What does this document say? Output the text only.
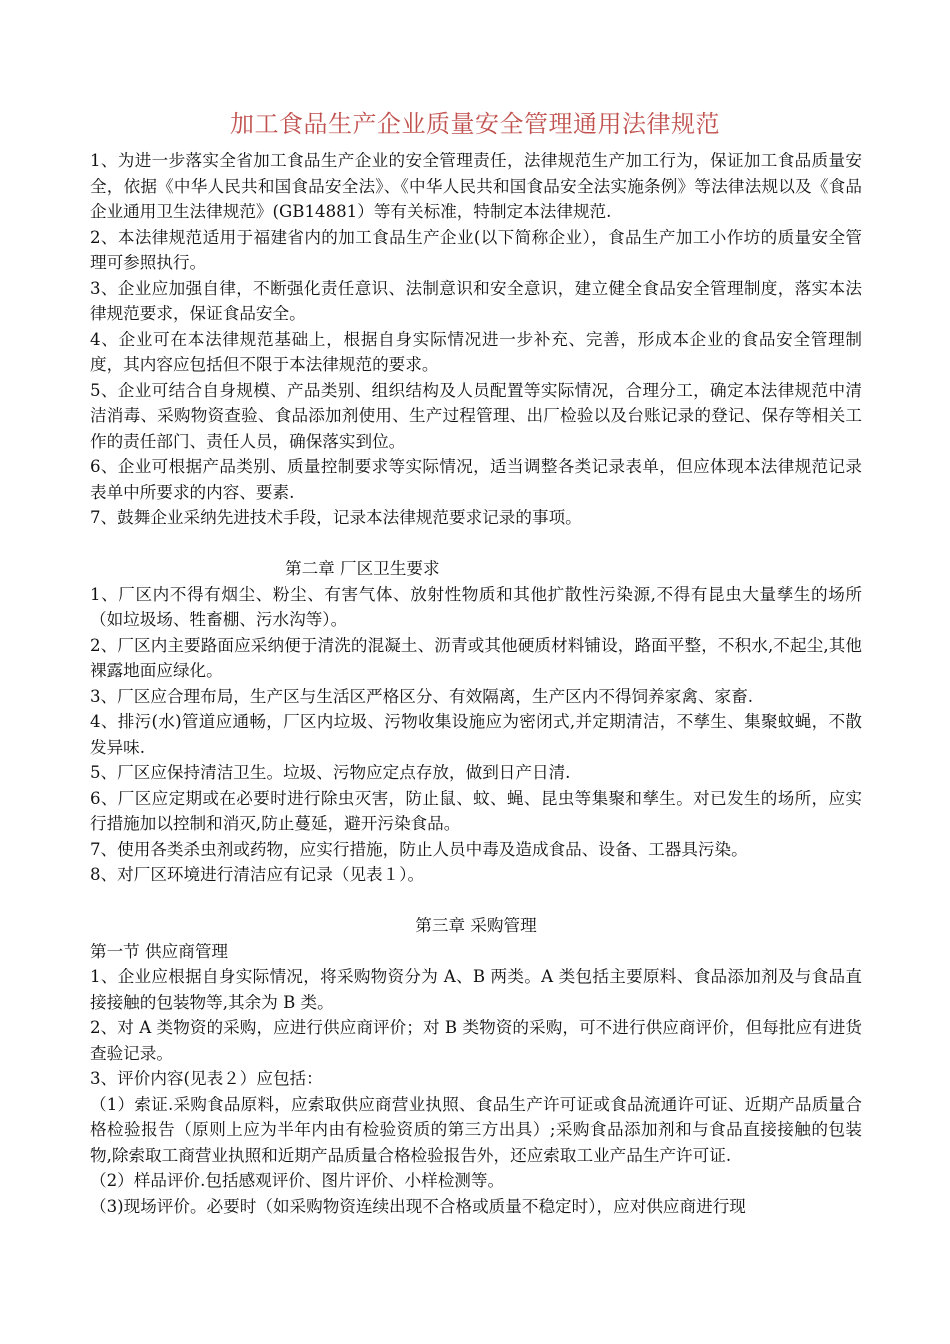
加工食品生产企业质量安全管理通用法律规范

1、为进一步落实全省加工食品生产企业的安全管理责任，法律规范生产加工行为，保证加工食品质量安全，依据《中华人民共和国食品安全法》、《中华人民共和国食品安全法实施条例》等法律法规以及《食品企业通用卫生法律规范》(GB14881）等有关标准，特制定本法律规范.

2、本法律规范适用于福建省内的加工食品生产企业(以下简称企业），食品生产加工小作坊的质量安全管理可参照执行。

3、企业应加强自律，不断强化责任意识、法制意识和安全意识，建立健全食品安全管理制度，落实本法律规范要求，保证食品安全。

4、企业可在本法律规范基础上，根据自身实际情况进一步补充、完善，形成本企业的食品安全管理制度，其内容应包括但不限于本法律规范的要求。

5、企业可结合自身规模、产品类别、组织结构及人员配置等实际情况，合理分工，确定本法律规范中清洁消毒、采购物资查验、食品添加剂使用、生产过程管理、出厂检验以及台账记录的登记、保存等相关工作的责任部门、责任人员，确保落实到位。

6、企业可根据产品类别、质量控制要求等实际情况，适当调整各类记录表单，但应体现本法律规范记录表单中所要求的内容、要素.

7、鼓舞企业采纳先进技术手段，记录本法律规范要求记录的事项。

第二章 厂区卫生要求

1、厂区内不得有烟尘、粉尘、有害气体、放射性物质和其他扩散性污染源,不得有昆虫大量孳生的场所（如垃圾场、牲畜棚、污水沟等）。

2、厂区内主要路面应采纳便于清洗的混凝土、沥青或其他硬质材料铺设，路面平整，不积水,不起尘,其他裸露地面应绿化。

3、厂区应合理布局，生产区与生活区严格区分、有效隔离，生产区内不得饲养家禽、家畜.

4、排污(水)管道应通畅，厂区内垃圾、污物收集设施应为密闭式,并定期清洁，不孳生、集聚蚊蝇，不散发异味.

5、厂区应保持清洁卫生。垃圾、污物应定点存放，做到日产日清.

6、厂区应定期或在必要时进行除虫灭害，防止鼠、蚊、蝇、昆虫等集聚和孳生。对已发生的场所，应实行措施加以控制和消灭,防止蔓延，避开污染食品。

7、使用各类杀虫剂或药物，应实行措施，防止人员中毒及造成食品、设备、工器具污染。

8、对厂区环境进行清洁应有记录（见表１）。

第三章 采购管理

第一节 供应商管理

1、企业应根据自身实际情况，将采购物资分为 A、B 两类。A 类包括主要原料、食品添加剂及与食品直接接触的包装物等,其余为 B 类。

2、对 A 类物资的采购，应进行供应商评价；对 B 类物资的采购，可不进行供应商评价，但每批应有进货查验记录。

3、评价内容(见表２）应包括：

（1）索证.采购食品原料，应索取供应商营业执照、食品生产许可证或食品流通许可证、近期产品质量合格检验报告（原则上应为半年内由有检验资质的第三方出具）;采购食品添加剂和与食品直接接触的包装物,除索取工商营业执照和近期产品质量合格检验报告外，还应索取工业产品生产许可证.

（2）样品评价.包括感观评价、图片评价、小样检测等。

（3)现场评价。必要时（如采购物资连续出现不合格或质量不稳定时），应对供应商进行现
